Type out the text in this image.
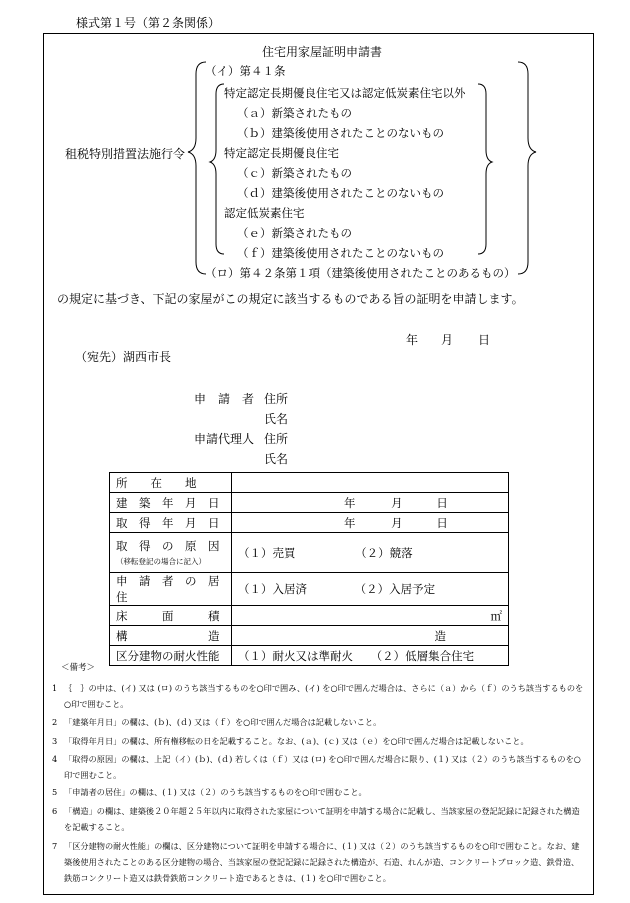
様式第１号（第２条関係）
住宅用家屋証明申請書
租税特別措置法施行令
（イ）第４１条
特定認定長期優良住宅又は認定低炭素住宅以外
（ａ）新築されたもの
（ｂ）建築後使用されたことのないもの
特定認定長期優良住宅
（ｃ）新築されたもの
（ｄ）建築後使用されたことのないもの
認定低炭素住宅
（ｅ）新築されたもの
（ｆ）建築後使用されたことのないもの
（ロ）第４２条第１項（建築後使用されたことのあるもの）
の規定に基づき、下記の家屋がこの規定に該当するものである旨の証明を申請します。
年 月 日
（宛先）湖西市長
申　請　者 住所
氏名
申請代理人 住所
氏名
所　　在　　地	
建　築　年　月　日	年 月 日
取　得　年　月　日	年 月 日
取　得　の　原　因
（移転登記の場合に記入）	（１）売買 （２）競落
申　請　者　の　居　住	（１）入居済 （２）入居予定
床　　　面　　　積	㎡
構　　　　　　　造	造
区分建物の耐火性能	（１）耐火又は準耐火 （２）低層集合住宅
＜備考＞
1 ｛　｝の中は、(イ) 又は (ロ) のうち該当するものを○印で囲み、(イ) を○印で囲んだ場合は、さらに（ａ）から（ｆ）のうち該当するものを○印で囲むこと。
2 「建築年月日」の欄は、(ｂ)、(ｄ) 又は（ｆ）を○印で囲んだ場合は記載しないこと。
3 「取得年月日」の欄は、所有権移転の日を記載すること。なお、(ａ)、(ｃ) 又は（ｅ）を○印で囲んだ場合は記載しないこと。
4 「取得の原因」の欄は、上記（イ）(ｂ)、(ｄ) 若しくは（ｆ）又は (ロ) を○印で囲んだ場合に限り、(１) 又は（２）のうち該当するものを○印で囲むこと。
5 「申請者の居住」の欄は、(１) 又は（２）のうち該当するものを○印で囲むこと。
6 「構造」の欄は、建築後２０年超２５年以内に取得された家屋について証明を申請する場合に記載し、当該家屋の登記記録に記録された構造を記載すること。
7 「区分建物の耐火性能」の欄は、区分建物について証明を申請する場合に、(１) 又は（２）のうち該当するものを○印で囲むこと。なお、建築後使用されたことのある区分建物の場合、当該家屋の登記記録に記録された構造が、石造、れんが造、コンクリートブロック造、鉄骨造、鉄筋コンクリート造又は鉄骨鉄筋コンクリート造であるときは、(１) を○印で囲むこと。
